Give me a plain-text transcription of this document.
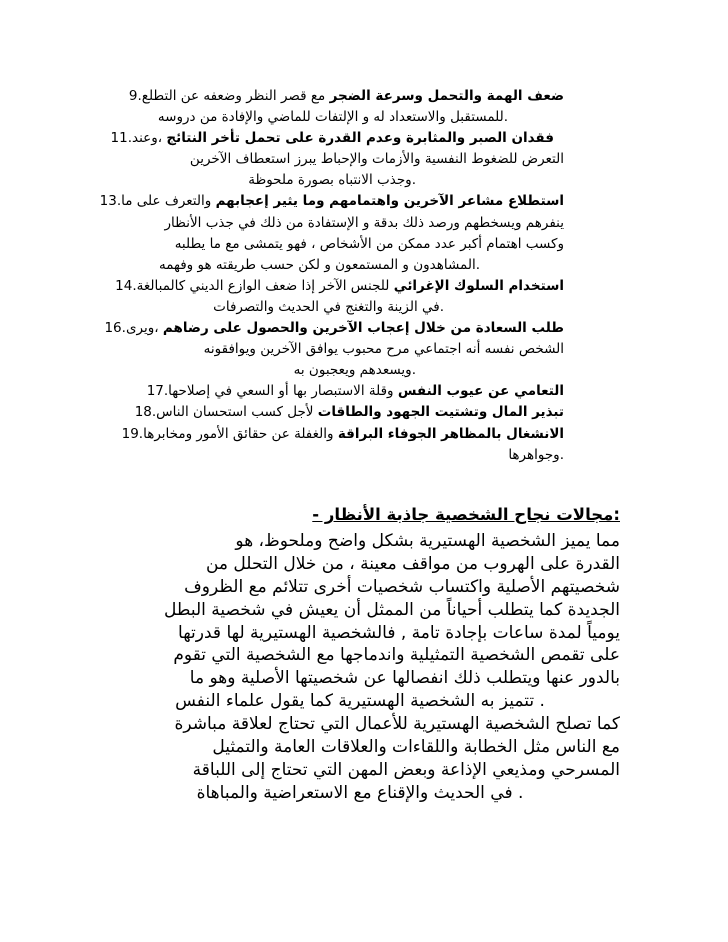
ضعف الهمة والتحمل وسرعة الضجر مع قصر النظر وضعفه عن التطلع.9
.للمستقبل والاستعداد له و الإلتفات للماضي والإفادة من دروسه
فقدان الصبر والمثابرة وعدم القدرة على تحمل تأخر النتائج ،وعند.11
التعرض للضغوط النفسية والأزمات والإحباط يبرز استعطاف الآخرين
.وجذب الانتباه بصورة ملحوظة
استطلاع مشاعر الآخرين واهتمامهم وما يثير إعجابهم والتعرف على ما.13
ينفرهم ويسخطهم ورصد ذلك بدقة و الإستفادة من ذلك في جذب الأنظار
وكسب اهتمام أكبر عدد ممكن من الأشخاص ، فهو يتمشى مع ما يطلبه
.المشاهدون و المستمعون و لكن حسب طريقته هو وفهمه
استخدام السلوك الإغرائي للجنس الآخر إذا ضعف الوازع الديني كالمبالغة.14
.في الزينة والتغنج في الحديث والتصرفات
طلب السعادة من خلال إعجاب الآخرين والحصول على رضاهم ،ويرى.16
الشخص نفسه أنه اجتماعي مرح محبوب يوافق الآخرين ويوافقونه
.ويسعدهم ويعجبون به
التعامي عن عيوب النفس وقلة الاستبصار بها أو السعي في إصلاحها.17
تبذير المال وتشتيت الجهود والطاقات لأجل كسب استحسان الناس.18
الانشغال بالمظاهر الجوفاء البراقة والغفلة عن حقائق الأمور ومخابرها.19
.وجواهرها
:مجالات نجاح الشخصية جاذبة الأنظار -
مما يميز الشخصية الهستيرية بشكل واضح وملحوظ، هو
القدرة على الهروب من مواقف معينة ، من خلال التحلل من
شخصيتهم الأصلية واكتساب شخصيات أخرى تتلائم مع الظروف
الجديدة كما يتطلب أحياناً من الممثل أن يعيش في شخصية البطل
يومياً لمدة ساعات بإجادة تامة , فالشخصية الهستيرية لها قدرتها
على تقمص الشخصية التمثيلية واندماجها مع الشخصية التي تقوم
بالدور عنها ويتطلب ذلك انفصالها عن شخصيتها الأصلية وهو ما
. تتميز به الشخصية الهستيرية كما يقول علماء النفس
كما تصلح الشخصية الهستيرية للأعمال التي تحتاج لعلاقة مباشرة
مع الناس مثل الخطابة واللقاءات والعلاقات العامة والتمثيل
المسرحي ومذيعي الإذاعة وبعض المهن التي تحتاج إلى اللباقة
. في الحديث والإقناع مع الاستعراضية والمباهاة
